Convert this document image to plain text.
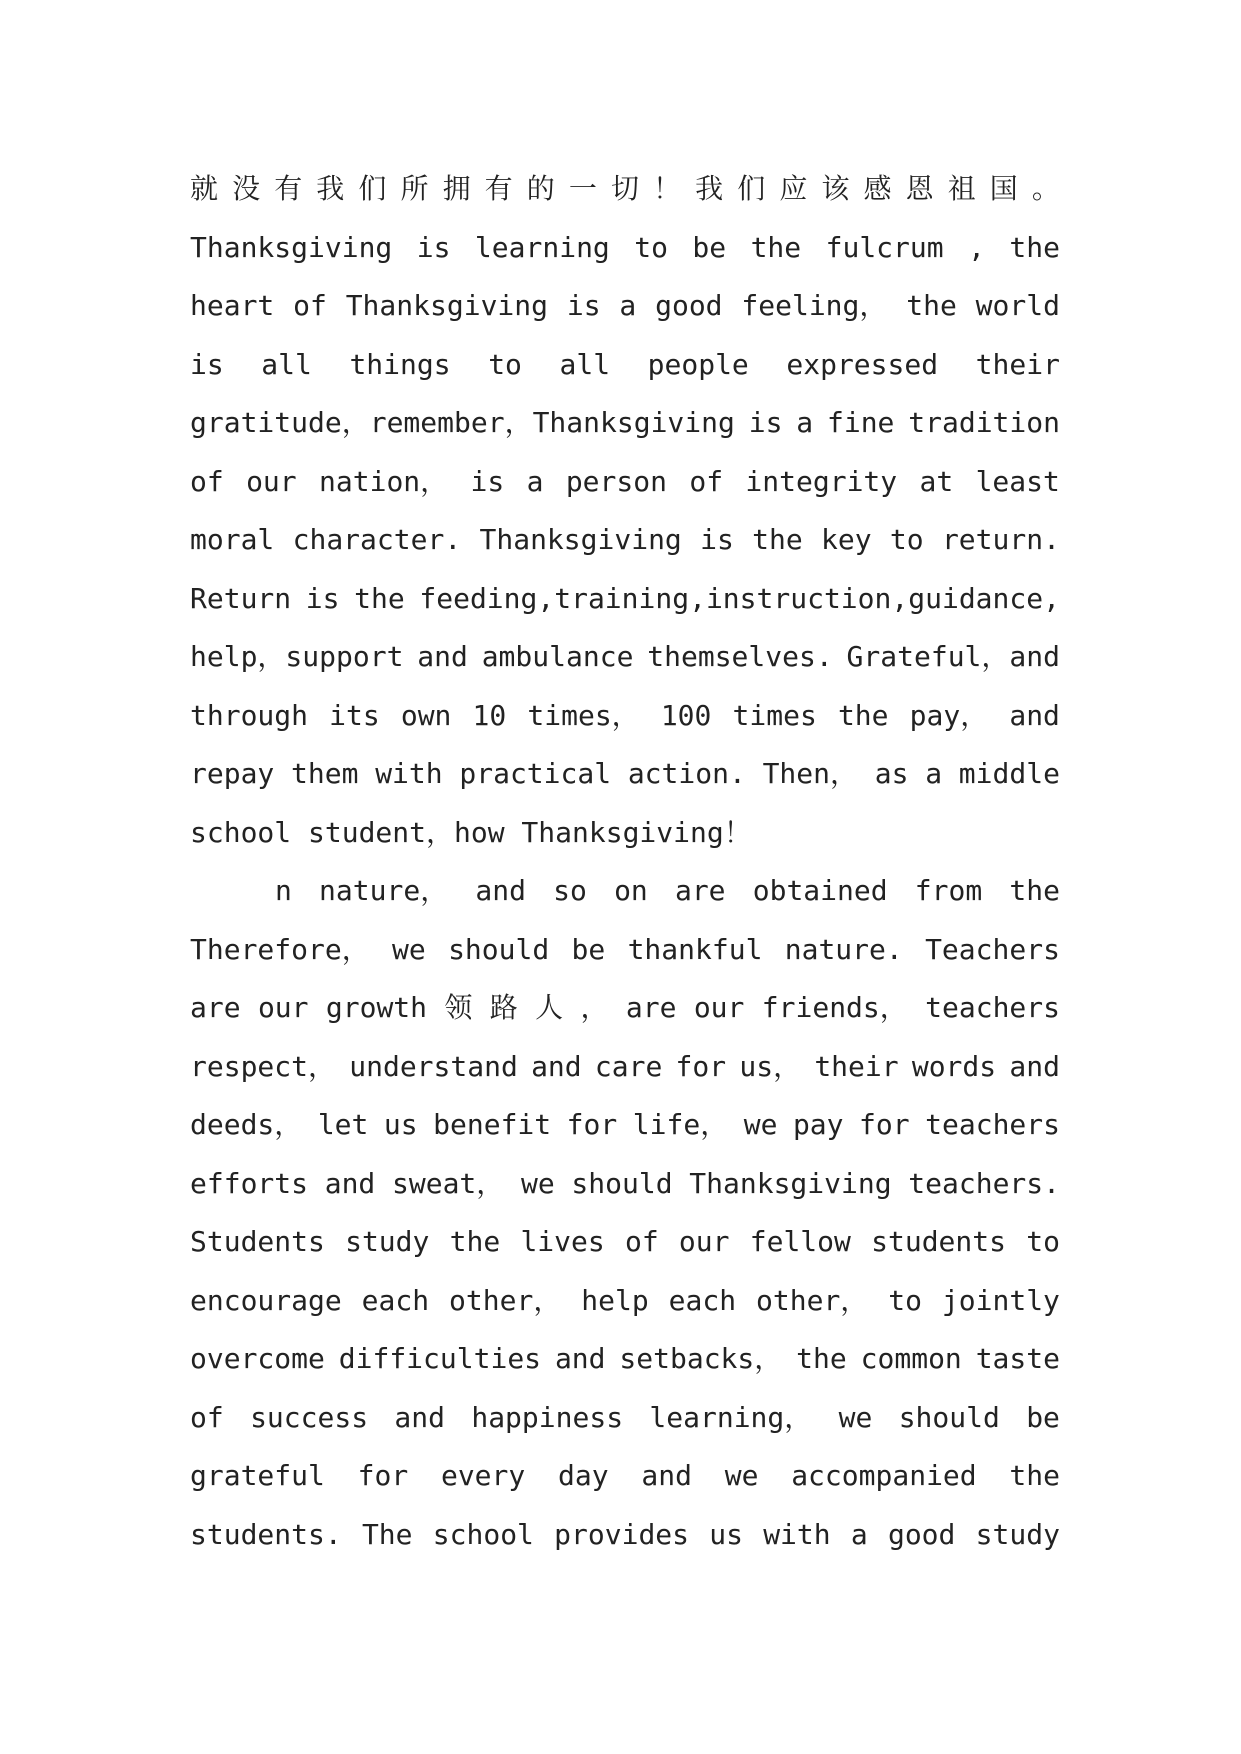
就 没 有 我 们 所 拥 有 的 一 切 ！ 我 们 应 该 感 恩 祖 国 。
Thanksgiving is learning to be the fulcrum , the
heart of Thanksgiving is a good feeling， the world
is all things to all people expressed their
gratitude，remember，Thanksgiving is a fine tradition
of our nation， is a person of integrity at least
moral character. Thanksgiving is the key to return.
Return is the feeding,training,instruction,guidance,
help，support and ambulance themselves. Grateful，and
through its own 10 times， 100 times the pay， and
repay them with practical action. Then， as a middle
school student，how Thanksgiving！
n nature， and so on are obtained from the
Therefore， we should be thankful nature. Teachers
are our growth 领 路 人 ， are our friends， teachers
respect， understand and care for us， their words and
deeds， let us benefit for life， we pay for teachers
efforts and sweat， we should Thanksgiving teachers.
Students study the lives of our fellow students to
encourage each other， help each other， to jointly
overcome difficulties and setbacks， the common taste
of success and happiness learning， we should be
grateful for every day and we accompanied the
students. The school provides us with a good study
